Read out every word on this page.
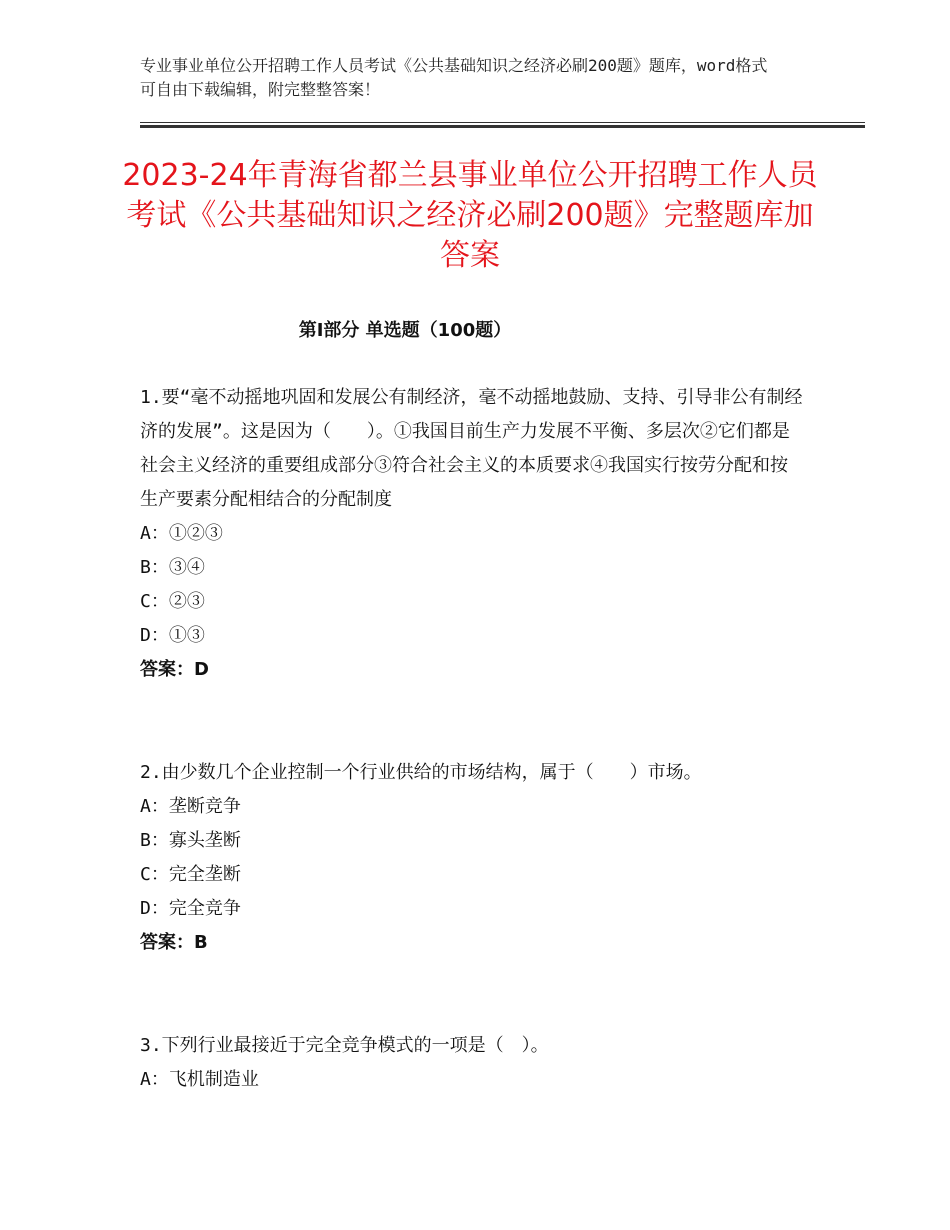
专业事业单位公开招聘工作人员考试《公共基础知识之经济必刷200题》题库，word格式可自由下载编辑，附完整整答案！
2023-24年青海省都兰县事业单位公开招聘工作人员考试《公共基础知识之经济必刷200题》完整题库加答案
第Ⅰ部分 单选题（100题）

1.要“毫不动摇地巩固和发展公有制经济，毫不动摇地鼓励、支持、引导非公有制经济的发展”。这是因为（　　）。①我国目前生产力发展不平衡、多层次②它们都是社会主义经济的重要组成部分③符合社会主义的本质要求④我国实行按劳分配和按生产要素分配相结合的分配制度

A：①②③

B：③④

C：②③

D：①③

答案：D

2.由少数几个企业控制一个行业供给的市场结构，属于（　　）市场。

A：垄断竞争

B：寡头垄断

C：完全垄断

D：完全竞争

答案：B

3.下列行业最接近于完全竞争模式的一项是（　）。

A：飞机制造业
